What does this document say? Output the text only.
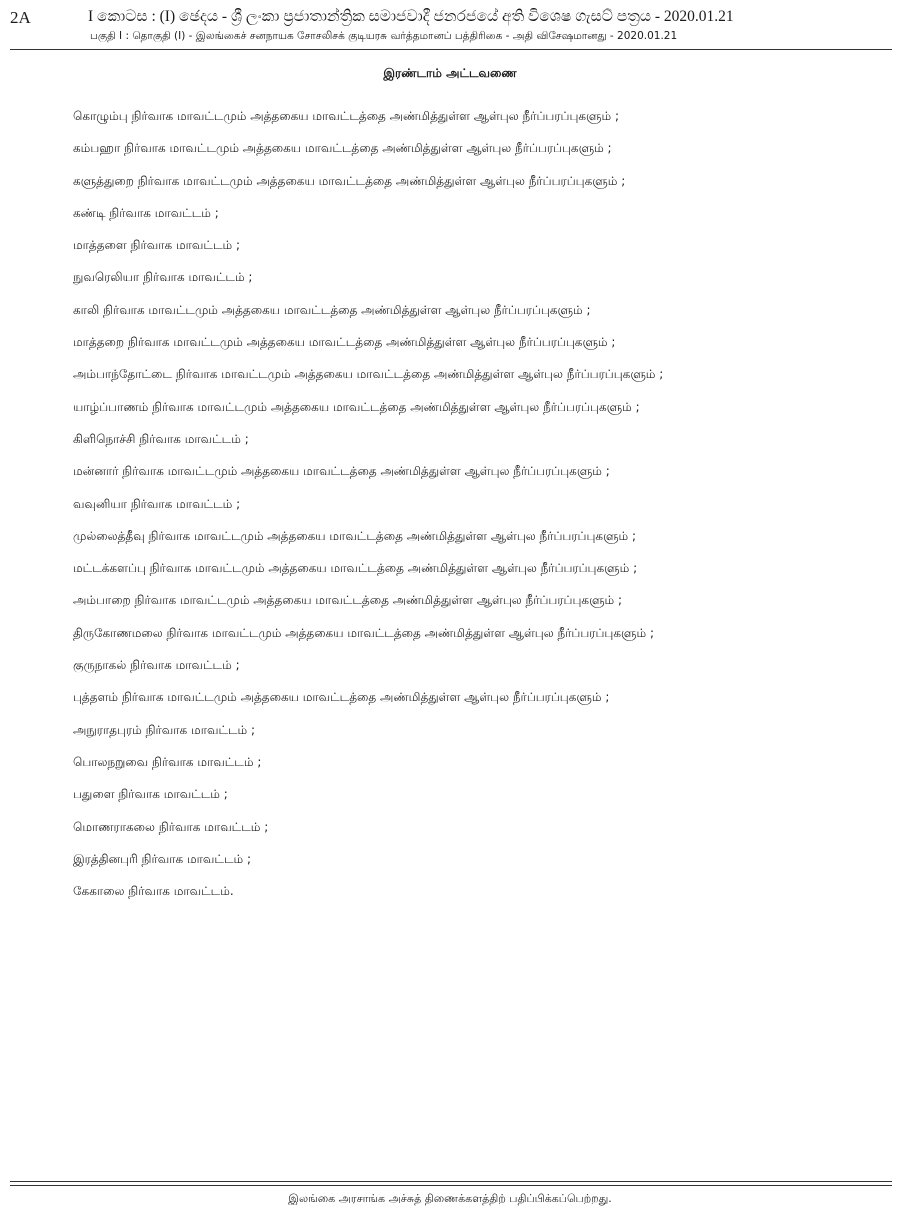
2A	I කොටස : (I) ඡෙදය - ශ්‍රී ලංකා ප්‍රජාතාන්ත්‍රික සමාජවාදී ජනරජයේ අති විශෙෂ ගැසට් පත්‍රය - 2020.01.21
பகுதி I : தொகுதி (I) - இலங்கைச் சனநாயக சோசலிசக் குடியரசு வர்த்தமானப் பத்திரிகை - அதி விசேஷமானது - 2020.01.21
இரண்டாம் அட்டவணை
கொழும்பு நிர்வாக மாவட்டமும் அத்தகைய மாவட்டத்தை அண்மித்துள்ள ஆள்புல நீர்ப்பரப்புகளும் ;
கம்பஹா நிர்வாக மாவட்டமும் அத்தகைய மாவட்டத்தை அண்மித்துள்ள ஆள்புல நீர்ப்பரப்புகளும் ;
களுத்துறை நிர்வாக மாவட்டமும் அத்தகைய மாவட்டத்தை அண்மித்துள்ள ஆள்புல நீர்ப்பரப்புகளும் ;
கண்டி நிர்வாக மாவட்டம் ;
மாத்தளை நிர்வாக மாவட்டம் ;
நுவரெலியா நிர்வாக மாவட்டம் ;
காலி நிர்வாக மாவட்டமும் அத்தகைய மாவட்டத்தை அண்மித்துள்ள ஆள்புல நீர்ப்பரப்புகளும் ;
மாத்தறை நிர்வாக மாவட்டமும் அத்தகைய மாவட்டத்தை அண்மித்துள்ள ஆள்புல நீர்ப்பரப்புகளும் ;
அம்பாந்தோட்டை நிர்வாக மாவட்டமும் அத்தகைய மாவட்டத்தை அண்மித்துள்ள ஆள்புல நீர்ப்பரப்புகளும் ;
யாழ்ப்பாணம் நிர்வாக மாவட்டமும் அத்தகைய மாவட்டத்தை அண்மித்துள்ள ஆள்புல நீர்ப்பரப்புகளும் ;
கிளிநொச்சி நிர்வாக மாவட்டம் ;
மன்னார் நிர்வாக மாவட்டமும் அத்தகைய மாவட்டத்தை அண்மித்துள்ள ஆள்புல நீர்ப்பரப்புகளும் ;
வவுனியா நிர்வாக மாவட்டம் ;
முல்லைத்தீவு நிர்வாக மாவட்டமும் அத்தகைய மாவட்டத்தை அண்மித்துள்ள ஆள்புல நீர்ப்பரப்புகளும் ;
மட்டக்களப்பு நிர்வாக மாவட்டமும் அத்தகைய மாவட்டத்தை அண்மித்துள்ள ஆள்புல நீர்ப்பரப்புகளும் ;
அம்பாறை நிர்வாக மாவட்டமும் அத்தகைய மாவட்டத்தை அண்மித்துள்ள ஆள்புல நீர்ப்பரப்புகளும் ;
திருகோணமலை நிர்வாக மாவட்டமும் அத்தகைய மாவட்டத்தை அண்மித்துள்ள ஆள்புல நீர்ப்பரப்புகளும் ;
குருநாகல் நிர்வாக மாவட்டம் ;
புத்தளம் நிர்வாக மாவட்டமும் அத்தகைய மாவட்டத்தை அண்மித்துள்ள ஆள்புல நீர்ப்பரப்புகளும் ;
அநுராதபுரம் நிர்வாக மாவட்டம் ;
பொலநறுவை நிர்வாக மாவட்டம் ;
பதுளை நிர்வாக மாவட்டம் ;
மொணராகலை நிர்வாக மாவட்டம் ;
இரத்தினபுரி நிர்வாக மாவட்டம் ;
கேகாலை நிர்வாக மாவட்டம்.
இலங்கை அரசாங்க அச்சுத் திணைக்களத்திற் பதிப்பிக்கப்பெற்றது.
